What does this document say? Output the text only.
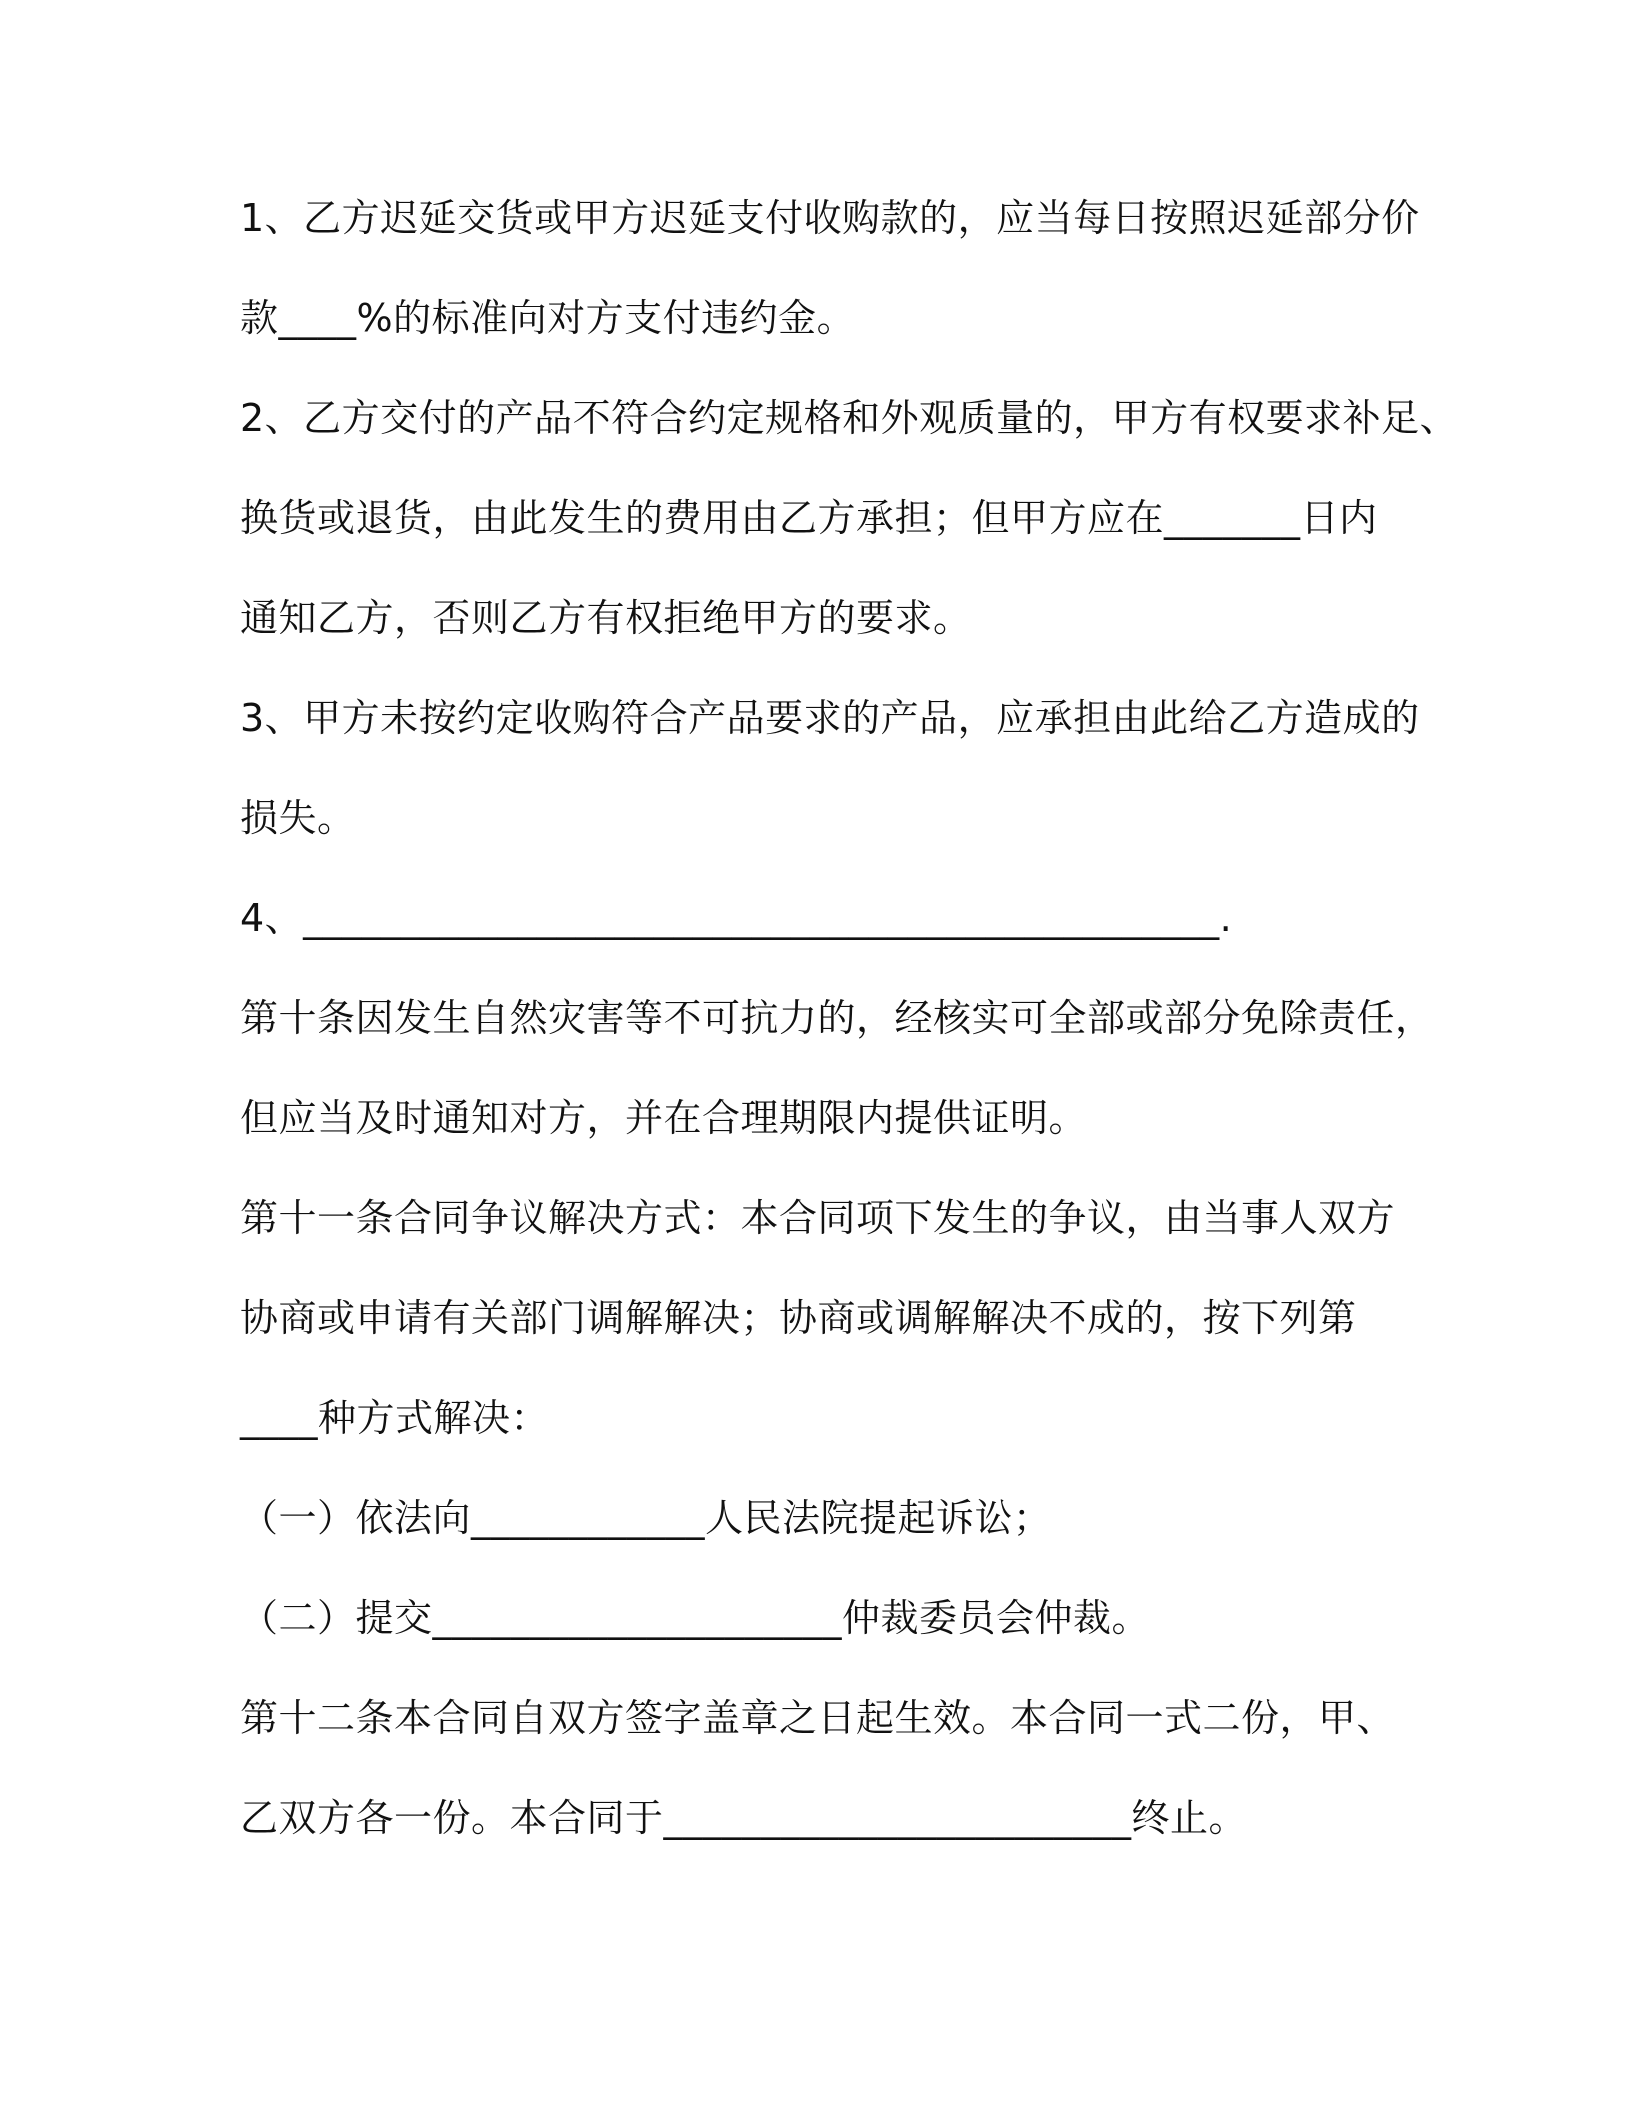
1、乙方迟延交货或甲方迟延支付收购款的，应当每日按照迟延部分价
款____%的标准向对方支付违约金。
2、乙方交付的产品不符合约定规格和外观质量的，甲方有权要求补足、
换货或退货，由此发生的费用由乙方承担；但甲方应在_______日内
通知乙方，否则乙方有权拒绝甲方的要求。
3、甲方未按约定收购符合产品要求的产品，应承担由此给乙方造成的
损失。
4、_______________________________________________.
第十条因发生自然灾害等不可抗力的，经核实可全部或部分免除责任，
但应当及时通知对方，并在合理期限内提供证明。
第十一条合同争议解决方式：本合同项下发生的争议，由当事人双方
协商或申请有关部门调解解决；协商或调解解决不成的，按下列第
____种方式解决：
（一）依法向____________人民法院提起诉讼；
（二）提交_____________________仲裁委员会仲裁。
第十二条本合同自双方签字盖章之日起生效。本合同一式二份，甲、
乙双方各一份。本合同于________________________终止。
